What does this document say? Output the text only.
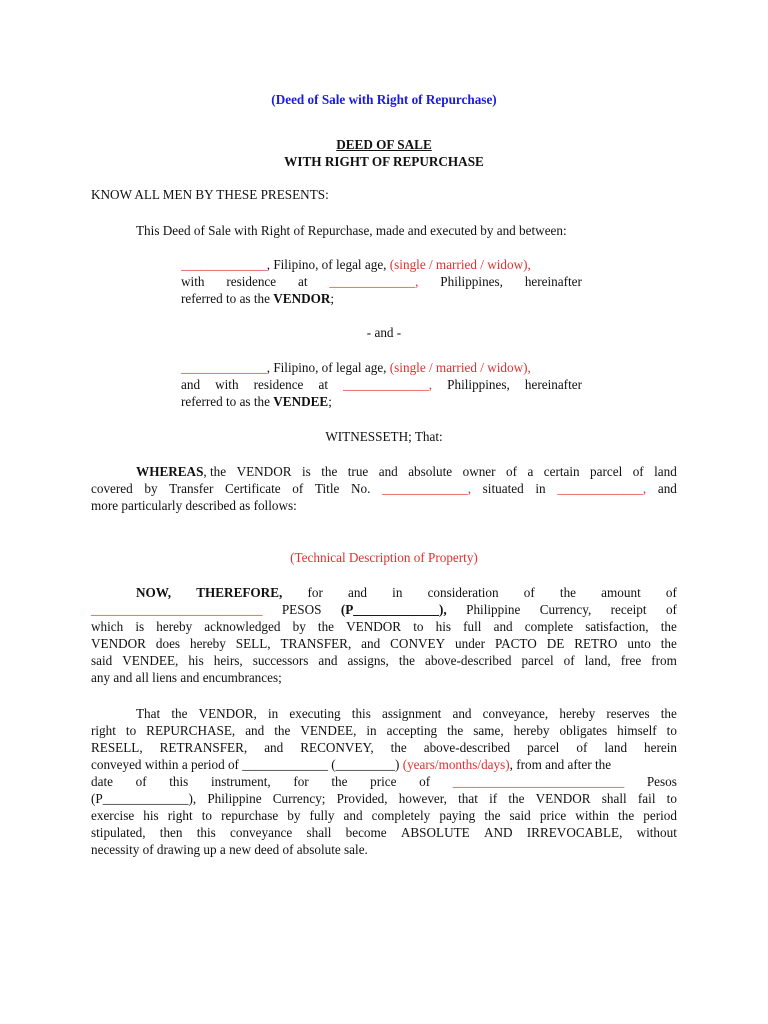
(Deed of Sale with Right of Repurchase)
DEED OF SALE
WITH RIGHT OF REPURCHASE
KNOW ALL MEN BY THESE PRESENTS:
This Deed of Sale with Right of Repurchase, made and executed by and between:
_____________, Filipino, of legal age, (single / married / widow),
with residence at _____________, Philippines, hereinafter
referred to as the VENDOR;
- and -
_____________, Filipino, of legal age, (single / married / widow),
and with residence at _____________, Philippines, hereinafter
referred to as the VENDEE;
WITNESSETH; That:
WHEREAS, the VENDOR is the true and absolute owner of a certain parcel of land
covered by Transfer Certificate of Title No. _____________, situated in _____________, and
more particularly described as follows:
(Technical Description of Property)
NOW, THEREFORE, for and in consideration of the amount of
__________________________ PESOS (P_____________), Philippine Currency, receipt of
which is hereby acknowledged by the VENDOR to his full and complete satisfaction, the
VENDOR does hereby SELL, TRANSFER, and CONVEY under PACTO DE RETRO unto the
said VENDEE, his heirs, successors and assigns, the above-described parcel of land, free from
any and all liens and encumbrances;
That the VENDOR, in executing this assignment and conveyance, hereby reserves the
right to REPURCHASE, and the VENDEE, in accepting the same, hereby obligates himself to
RESELL, RETRANSFER, and RECONVEY, the above-described parcel of land herein
conveyed within a period of _____________ (_________) (years/months/days), from and after the
date of this instrument, for the price of __________________________ Pesos
(P_____________), Philippine Currency; Provided, however, that if the VENDOR shall fail to
exercise his right to repurchase by fully and completely paying the said price within the period
stipulated, then this conveyance shall become ABSOLUTE AND IRREVOCABLE, without
necessity of drawing up a new deed of absolute sale.
